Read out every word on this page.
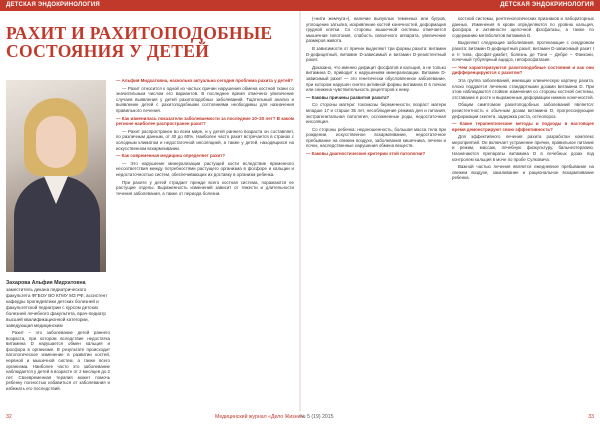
ДЕТСКАЯ ЭНДОКРИНОЛОГИЯ	ДЕТСКАЯ ЭНДОКРИНОЛОГИЯ
РАХИТ И РАХИТОПОДОБНЫЕ СОСТОЯНИЯ У ДЕТЕЙ
Захарова Альфия Мидхатовна
заместитель декана педиатрического факультета ФГБОУ ВО КГМУ МЗ РФ, ассистент кафедры пропедевтики детских болезней и факультетской педиатрии с курсом детских болезней лечебного факультета, врач-педиатр высшей квалификационной категории, заведующая медицинским

Рахит – это заболевание детей раннего возраста, при котором вследствие недостатка витамина D нарушается обмен кальция и фосфора в организме. В результате происходит патологическое изменение в развитии костей, нервной и мышечной систем, а также всего организма. Наиболее часто это заболевание наблюдается у детей в возрасте от 2 месяцев до 2 лет. Своевременная терапия может помочь ребенку полностью избавиться от заболевания и избежать его последствий.

— Альфия Мидхатовна, насколько актуальна сегодня проблема рахита у детей?

— Рахит относится к одной из частых причин нарушения обмена костной ткани со значительным числом его вариантов. В последнее время отмечено увеличение случаев выявления у детей рахитоподобных заболеваний. Тщательный анализ и выявление детей с рахитоподобными состояниями необходимы для назначения правильного лечения.

— Как изменилась показатели заболеваемости за последние 10–20 лет? В каком регионе наиболее распространен рахит?

— Рахит распространен во всем мире, и у детей раннего возраста он составляет, по различным данным, от 40 до 60%. Наиболее часто рахит встречается в странах с холодным климатом и недостаточной инсоляцией, а также у детей, находящихся на искусственном вскармливании.

— Как современная медицина определяет рахит?

— Это нарушение минерализации растущей кости вследствие временного несоответствия между потребностями растущего организма в фосфоре и кальции и недостаточностью систем, обеспечивающих их доставку в организм ребенка.

При рахите у детей страдает прежде всего костная система, поражаются ее растущие отделы. Выраженность изменений зависит от тяжести и длительности течения заболевания, а также от периода болезни.

(«нити жемчуга»), наличие выпуклых теменных или бугров, уплощение затылка, искривление костей конечностей, деформация грудной клетки. Со стороны мышечной системы отмечается мышечная гипотония, слабость связочного аппарата, увеличение размеров живота.

В зависимости от причин выделяют три формы рахита: витамин D-дефицитный, витамин D-зависимый и витамин D-резистентный рахит.

Доказано, что именно дефицит фосфатов и кальция, а не только витамина D, приводит к нарушениям минерализации. Витамин D-зависимый рахит — это генетически обусловленное заболевание, при котором нарушен синтез активной формы витамина D в почках или снижена чувствительность рецепторов к нему.

— Каковы причины развития рахита?

Со стороны матери: токсикозы беременности, возраст матери младше 17 и старше 35 лет, несоблюдение режима дня и питания, экстрагенитальная патология, осложненные роды, недостаточная инсоляция.

Со стороны ребенка: недоношенность, большая масса тела при рождении, искусственное вскармливание, недостаточное пребывание на свежем воздухе, заболевания кишечника, печени и почек, наследственные нарушения обмена веществ.

— Каковы диагностические критерии этой патологии?

костной системы, рентгенологических признаков и лабораторных данных. Изменения в крови определяются по уровню кальция, фосфора и активности щелочной фосфатазы, а также по содержанию метаболитов витамина D.

Выделяют следующие заболевания, протекающие с синдромом рахита: витамин D-дефицитный рахит, витамин D-зависимый рахит I и II типа, фосфат-диабет, болезнь де Тони – Дебре – Фанкони, почечный тубулярный ацидоз, гипофосфатазия.

— Чем характеризуются рахитоподобные состояния и как они дифференцируются с рахитом?

Эта группа заболеваний, имеющих клиническую картину рахита, плохо поддается лечению стандартными дозами витамина D. При этом наблюдаются стойкие изменения со стороны костной системы, отставание в росте и выраженные деформации нижних конечностей.

Общим симптомом рахитоподобных заболеваний является: резистентность к обычным дозам витамина D, прогрессирующие деформации скелета, задержка роста, остеопороз.

— Какие терапевтические методы и подходы в настоящее время демонстрируют свою эффективность?

Для эффективного лечения рахита разработан комплекс мероприятий. Он включает устранение причин, правильное питание и режим, массаж, лечебную физкультуру, бальнеотерапию. Назначаются препараты витамина D в лечебных дозах под контролем кальция в моче по пробе Сулковича.

Важной частью лечения является ежедневное пребывание на свежем воздухе, закаливание и рациональное вскармливание ребенка.

32	Медицинский журнал «Дело Жизни»
№ 5 (19) 2015	33
